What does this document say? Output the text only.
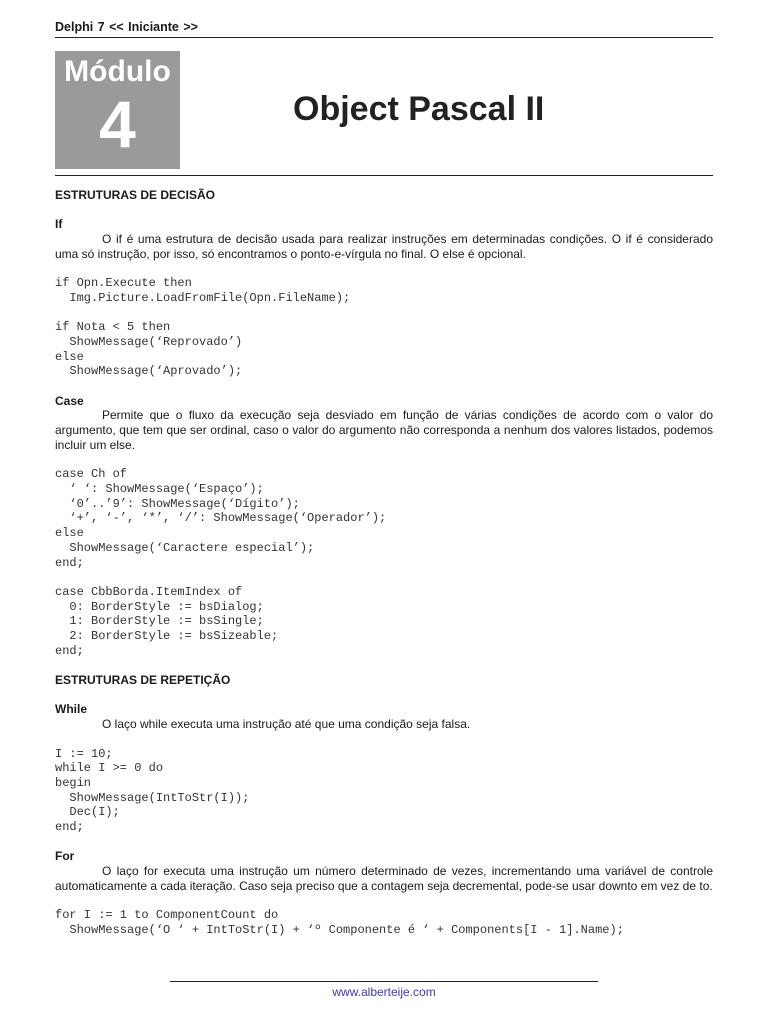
Delphi 7 << Iniciante >>
Módulo
4	Object Pascal II
ESTRUTURAS DE DECISÃO
If

O if é uma estrutura de decisão usada para realizar instruções em determinadas condições. O if é considerado uma só instrução, por isso, só encontramos o ponto-e-vírgula no final. O else é opcional.

if Opn.Execute then
Img.Picture.LoadFromFile(Opn.FileName);
if Nota < 5 then
ShowMessage(‘Reprovado’)
else
ShowMessage(‘Aprovado’);
Case

Permite que o fluxo da execução seja desviado em função de várias condições de acordo com o valor do argumento, que tem que ser ordinal, caso o valor do argumento não corresponda a nenhum dos valores listados, podemos incluir um else.

case Ch of
‘ ‘: ShowMessage(‘Espaço’);
‘0’..’9’: ShowMessage(‘Dígito’);
‘+’, ‘-’, ‘*’, ‘/’: ShowMessage(‘Operador’);
else
ShowMessage(‘Caractere especial’);
end;
case CbbBorda.ItemIndex of
0: BorderStyle := bsDialog;
1: BorderStyle := bsSingle;
2: BorderStyle := bsSizeable;
end;
ESTRUTURAS DE REPETIÇÃO
While

O laço while executa uma instrução até que uma condição seja falsa.

I := 10;
while I >= 0 do
begin
ShowMessage(IntToStr(I));
Dec(I);
end;
For

O laço for executa uma instrução um número determinado de vezes, incrementando uma variável de controle automaticamente a cada iteração. Caso seja preciso que a contagem seja decremental, pode-se usar downto em vez de to.

for I := 1 to ComponentCount do
ShowMessage(‘O ‘ + IntToStr(I) + ‘º Componente é ‘ + Components[I - 1].Name);
www.alberteije.com
